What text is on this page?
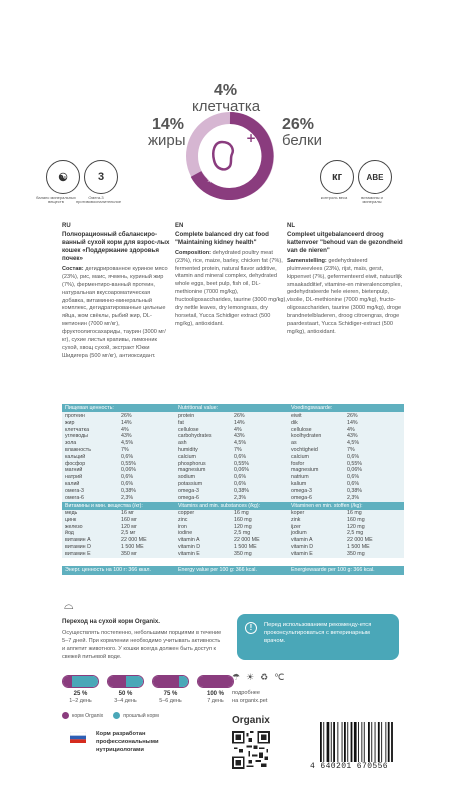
4%
клетчатка
14%
жиры
26%
белки
+
здоровье почек
☯	3
баланс минеральных веществ
Омега-3 противовоспалительное
кг	ABE
контроль веса	витамины и минералы
RU
Полнорационный сбалансиро-ванный сухой корм для взрос-лых кошек «Поддержание здоровья почек»
Состав: дегидрированное куриное мясо (23%), рис, маис, ячмень, куриный жир (7%), ферментиро-ванный протеин, натуральная вкусоароматическая добавка, витаминно-минеральный комплекс, дегидратированные цельные яйца, жом свёклы, рыбий жир, DL-метионин (7000 мг/кг), фруктоолигосахариды, таурин (3000 мг/кг), сухие листья крапивы, лимонник сухой, хвощ сухой, экстракт Юкки Шидигера (500 мг/кг), антиоксидант.
EN
Complete balanced dry cat food "Maintaining kidney health"
Composition: dehydrated poultry meat (23%), rice, maize, barley, chicken fat (7%), fermented protein, natural flavor additive, vitamin and mineral complex, dehydrated whole eggs, beet pulp, fish oil, DL-methionine (7000 mg/kg), fructooligosaccharides, taurine (3000 mg/kg), dry nettle leaves, dry lemongrass, dry horsetail, Yucca Schidiger extract (500 mg/kg), antioxidant.
NL
Compleet uitgebalanceerd droog kattenvoer "behoud van de gezondheid van de nieren"
Samenstelling: gedehydrateerd pluimveevlees (23%), rijst, maïs, gerst, kippenvet (7%), gefermenteerd eiwit, natuurlijk smaakadditief, vitamine-en mineralencomplex, gedehydrateerde hele eieren, bietenpulp, visolie, DL-methionine (7000 mg/kg), fructo-oligosacchariden, taurine (3000 mg/kg), droge brandnetelbladeren, droog citroengras, droge paardestaart, Yucca Schidiger-extract (500 mg/kg), antioxidant.
Пищевая ценность:
протеин	26%
жир	14%
клетчатка	4%
углеводы	43%
зола	4,5%
влажность	7%
кальций	0,6%
фосфор	0,55%
магний	0,06%
натрий	0,6%
калий	0,6%
омега-3	0,38%
омега-6	2,3%
Nutritional value:
protein	26%
fat	14%
cellulose	4%
carbohydrates	43%
ash	4,5%
humidity	7%
calcium	0,6%
phosphorus	0,55%
magnesium	0,06%
sodium	0,6%
potassium	0,6%
omega-3	0,38%
omega-6	2,3%
Voedingswaarde:
eiwit	26%
dik	14%
cellulose	4%
koolhydraten	43%
as	4,5%
vochtigheid	7%
calcium	0,6%
fosfor	0,55%
magnesium	0,06%
natrium	0,6%
kalium	0,6%
omega-3	0,38%
omega-6	2,3%
Витамины и мин. вещества (/кг):
медь	16 мг
цинк	160 мг
железо	120 мг
йод	2,5 мг
витамин А	22 000 МЕ
витамин D	1 500 МЕ
витамин Е	350 мг
Vitamins and min. substances (/kg):
copper	16 mg
zinc	160 mg
iron	120 mg
iodine	2,5 mg
vitamin A	22 000 ME
vitamin D	1 500 ME
vitamin E	350 mg
Vitaminen en min. stoffen (/kg):
koper	16 mg
zink	160 mg
ijzer	120 mg
jodium	2,5 mg
vitamin A	22 000 ME
vitamin D	1 500 ME
vitamin E	350 mg
Энерг. ценность на 100 г: 366 ккал.	Energy value per 100 g: 366 kcal.	Energiewaarde per 100 g: 366 kcal.
⌓
Переход на сухой корм Organix.
Осуществлять постепенно, небольшими порциями в течение 5–7 дней. При кормлении необходимо учитывать активность и аппетит животного. У кошки всегда должен быть доступ к свежей питьевой воде.
25 %
1–2 день
50 %
3–4 день
75 %
5–6 день
100 %
7 день
корм Organix	прошлый корм
!	Перед использованием рекоменду-ется проконсультироваться с ветеринарным врачом.
подробнее
на organix.pet
Organix
☂ ☀ ♻ ℃
4 640201 670556
Корм разработан профессиональными нутрициологами
